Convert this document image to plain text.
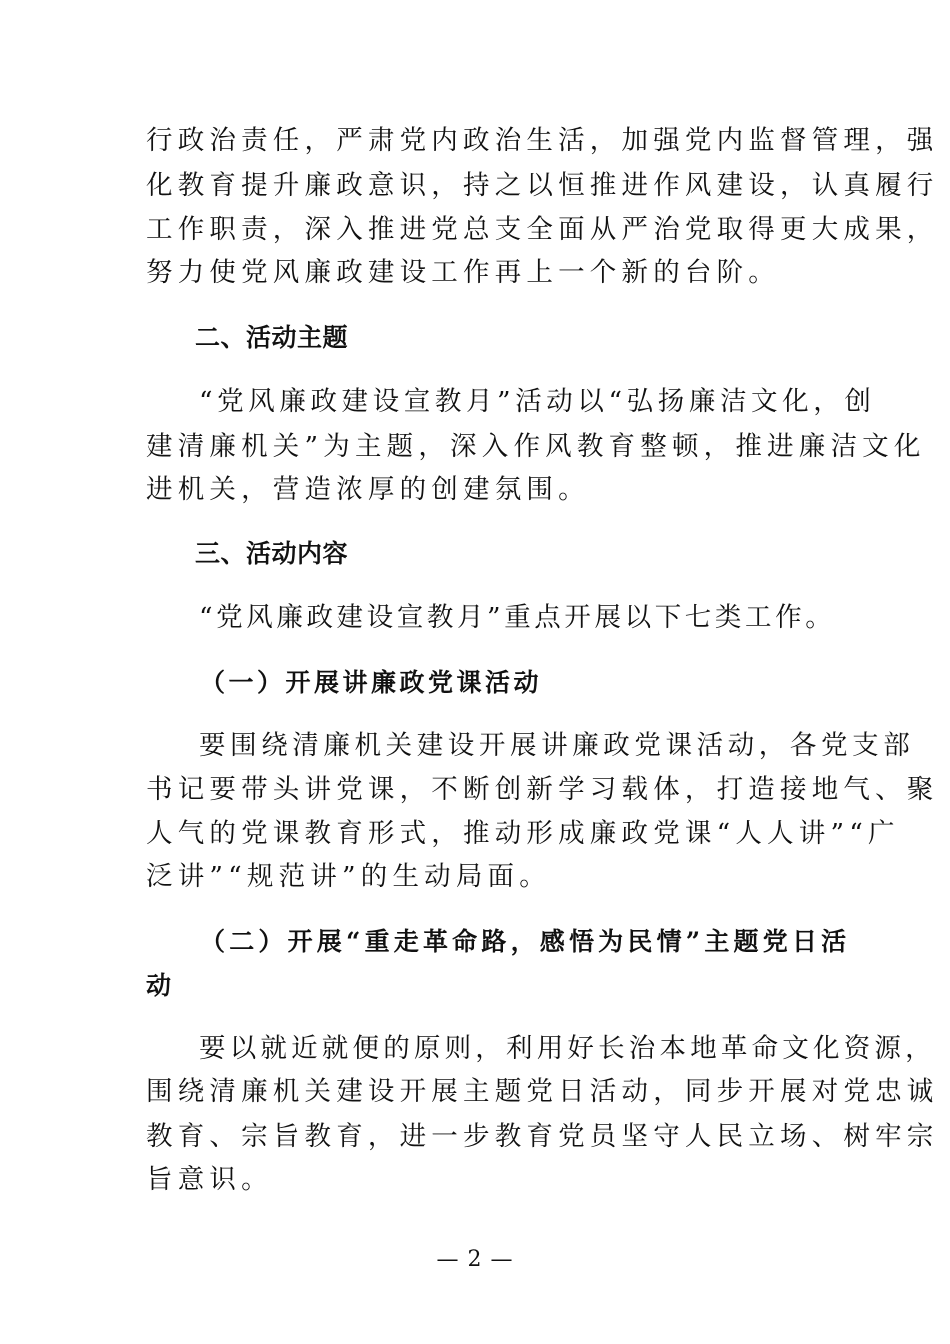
行政治责任，严肃党内政治生活，加强党内监督管理，强
化教育提升廉政意识，持之以恒推进作风建设，认真履行
工作职责，深入推进党总支全面从严治党取得更大成果，
努力使党风廉政建设工作再上一个新的台阶。
二、活动主题
“党风廉政建设宣教月”活动以“弘扬廉洁文化，创
建清廉机关”为主题，深入作风教育整顿，推进廉洁文化
进机关，营造浓厚的创建氛围。
三、活动内容
“党风廉政建设宣教月”重点开展以下七类工作。
（一）开展讲廉政党课活动
要围绕清廉机关建设开展讲廉政党课活动，各党支部
书记要带头讲党课，不断创新学习载体，打造接地气、聚
人气的党课教育形式，推动形成廉政党课“人人讲”“广
泛讲”“规范讲”的生动局面。
（二）开展“重走革命路，感悟为民情”主题党日活
动
要以就近就便的原则，利用好长治本地革命文化资源，
围绕清廉机关建设开展主题党日活动，同步开展对党忠诚
教育、宗旨教育，进一步教育党员坚守人民立场、树牢宗
旨意识。
— 2 —
